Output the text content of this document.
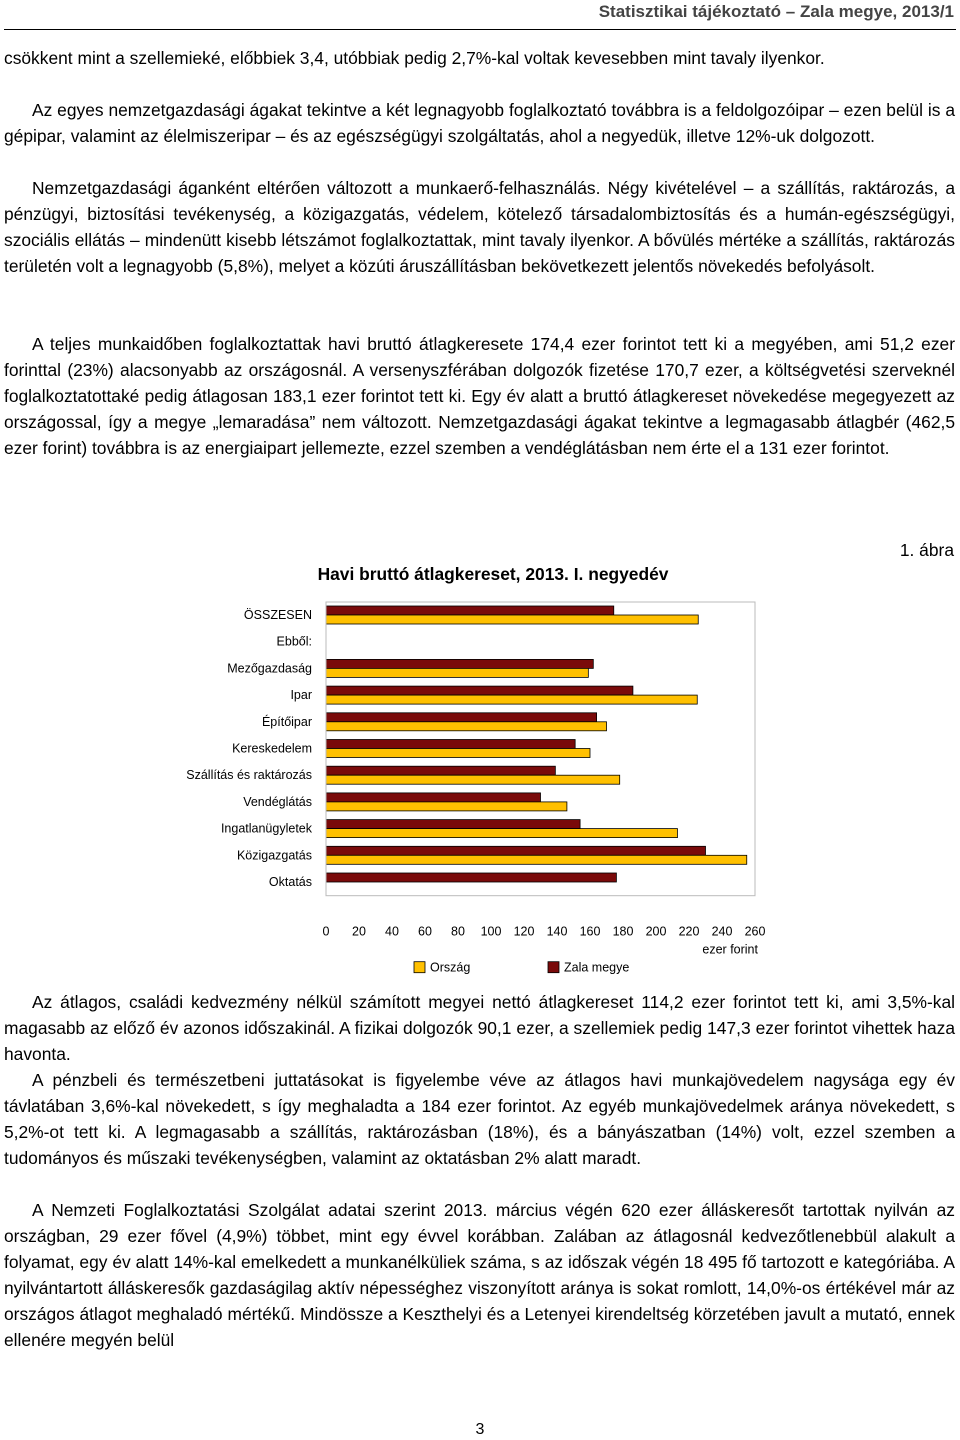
Statisztikai tájékoztató – Zala megye, 2013/1

csökkent mint a szellemieké, előbbiek 3,4, utóbbiak pedig 2,7%-kal voltak kevesebben mint tavaly ilyenkor.

Az egyes nemzetgazdasági ágakat tekintve a két legnagyobb foglalkoztató továbbra is a feldolgozóipar – ezen belül is a gépipar, valamint az élelmiszeripar – és az egészségügyi szolgáltatás, ahol a negyedük, illetve 12%-uk dolgozott.

Nemzetgazdasági áganként eltérően változott a munkaerő-felhasználás. Négy kivételével – a szállítás, raktározás, a pénzügyi, biztosítási tevékenység, a közigazgatás, védelem, kötelező társadalombiztosítás és a humán-egészségügyi, szociális ellátás – mindenütt kisebb létszámot foglalkoztattak, mint tavaly ilyenkor. A bővülés mértéke a szállítás, raktározás területén volt a legnagyobb (5,8%), melyet a közúti áruszállításban bekövetkezett jelentős növekedés befolyásolt.

A teljes munkaidőben foglalkoztattak havi bruttó átlagkeresete 174,4 ezer forintot tett ki a megyében, ami 51,2 ezer forinttal (23%) alacsonyabb az országosnál. A versenyszférában dolgozók fizetése 170,7 ezer, a költségvetési szerveknél foglalkoztatottaké pedig átlagosan 183,1 ezer forintot tett ki. Egy év alatt a bruttó átlagkereset növekedése megegyezett az országossal, így a megye „lemaradása” nem változott. Nemzetgazdasági ágakat tekintve a legmagasabb átlagbér (462,5 ezer forint) továbbra is az energiaipart jellemezte, ezzel szemben a vendéglátásban nem érte el a 131 ezer forintot.

1. ábra
Havi bruttó átlagkereset, 2013. I. negyedév
ÖSSZESEN
Ebből:
Mezőgazdaság
Ipar
Építőipar
Kereskedelem
Szállítás és raktározás
Vendéglátás
Ingatlanügyletek
Közigazgatás
Oktatás
0 20 40 60 80 100 120 140 160 180 200 220 240 260
ezer forint
Ország	Zala megye

Az átlagos, családi kedvezmény nélkül számított megyei nettó átlagkereset 114,2 ezer forintot tett ki, ami 3,5%-kal magasabb az előző év azonos időszakinál. A fizikai dolgozók 90,1 ezer, a szellemiek pedig 147,3 ezer forintot vihettek haza havonta.

A pénzbeli és természetbeni juttatásokat is figyelembe véve az átlagos havi munkajövedelem nagysága egy év távlatában 3,6%-kal növekedett, s így meghaladta a 184 ezer forintot. Az egyéb munkajövedelmek aránya növekedett, s 5,2%-ot tett ki. A legmagasabb a szállítás, raktározásban (18%), és a bányászatban (14%) volt, ezzel szemben a tudományos és műszaki tevékenységben, valamint az oktatásban 2% alatt maradt.

A Nemzeti Foglalkoztatási Szolgálat adatai szerint 2013. március végén 620 ezer álláskeresőt tartottak nyilván az országban, 29 ezer fővel (4,9%) többet, mint egy évvel korábban. Zalában az átlagosnál kedvezőtlenebbül alakult a folyamat, egy év alatt 14%-kal emelkedett a munkanélküliek száma, s az időszak végén 18 495 fő tartozott e kategóriába. A nyilvántartott álláskeresők gazdaságilag aktív népességhez viszonyított aránya is sokat romlott, 14,0%-os értékével már az országos átlagot meghaladó mértékű. Mindössze a Keszthelyi és a Letenyei kirendeltség körzetében javult a mutató, ennek ellenére megyén belül

3
